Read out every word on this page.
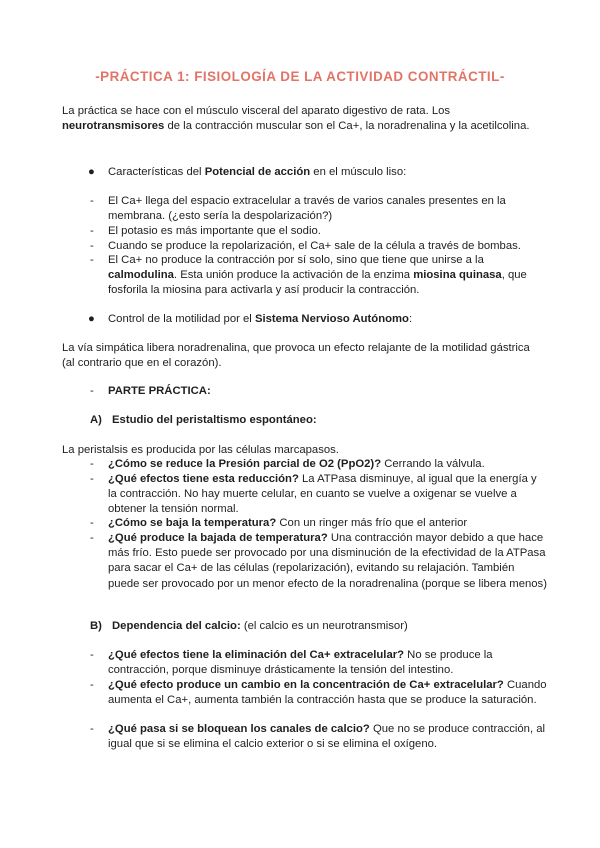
-PRÁCTICA 1: FISIOLOGÍA DE LA ACTIVIDAD CONTRÁCTIL-

La práctica se hace con el músculo visceral del aparato digestivo de rata. Los neurotransmisores de la contracción muscular son el Ca+, la noradrenalina y la acetilcolina.

● Características del Potencial de acción en el músculo liso:
- El Ca+ llega del espacio extracelular a través de varios canales presentes en la membrana. (¿esto sería la despolarización?)
- El potasio es más importante que el sodio.
- Cuando se produce la repolarización, el Ca+ sale de la célula a través de bombas.
- El Ca+ no produce la contracción por sí solo, sino que tiene que unirse a la calmodulina. Esta unión produce la activación de la enzima miosina quinasa, que fosforila la miosina para activarla y así producir la contracción.
● Control de la motilidad por el Sistema Nervioso Autónomo:

La vía simpática libera noradrenalina, que provoca un efecto relajante de la motilidad gástrica (al contrario que en el corazón).

- PARTE PRÁCTICA:
A) Estudio del peristaltismo espontáneo:

La peristalsis es producida por las células marcapasos.

- ¿Cómo se reduce la Presión parcial de O2 (PpO2)? Cerrando la válvula.
- ¿Qué efectos tiene esta reducción? La ATPasa disminuye, al igual que la energía y la contracción. No hay muerte celular, en cuanto se vuelve a oxigenar se vuelve a obtener la tensión normal.
- ¿Cómo se baja la temperatura? Con un ringer más frío que el anterior
- ¿Qué produce la bajada de temperatura? Una contracción mayor debido a que hace más frío. Esto puede ser provocado por una disminución de la efectividad de la ATPasa para sacar el Ca+ de las células (repolarización), evitando su relajación. También puede ser provocado por un menor efecto de la noradrenalina (porque se libera menos)
B) Dependencia del calcio: (el calcio es un neurotransmisor)
- ¿Qué efectos tiene la eliminación del Ca+ extracelular? No se produce la contracción, porque disminuye drásticamente la tensión del intestino.
- ¿Qué efecto produce un cambio en la concentración de Ca+ extracelular? Cuando aumenta el Ca+, aumenta también la contracción hasta que se produce la saturación.
- ¿Qué pasa si se bloquean los canales de calcio? Que no se produce contracción, al igual que si se elimina el calcio exterior o si se elimina el oxígeno.
